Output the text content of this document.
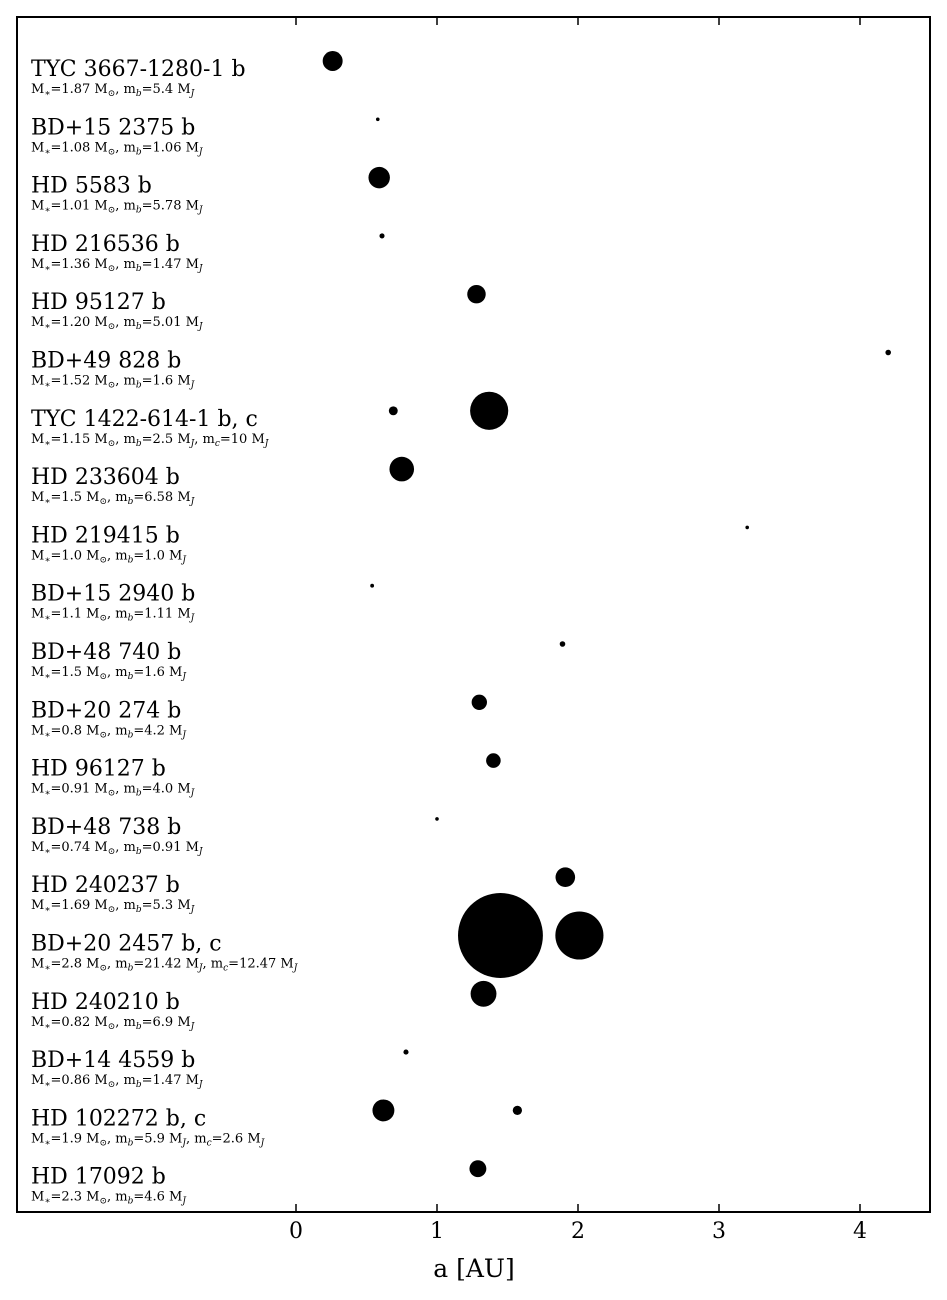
TYC 3667-1280-1 b
$M_∗=1.87$ $M_⊙$, $m_b=5.4$ $M_J$
BD+15 2375 b
$M_∗=1.08$ $M_⊙$, $m_b=1.06$ $M_J$
HD 5583 b
$M_∗=1.01$ $M_⊙$, $m_b=5.78$ $M_J$
HD 216536 b
$M_∗=1.36$ $M_⊙$, $m_b=1.47$ $M_J$
HD 95127 b
$M_∗=1.20$ $M_⊙$, $m_b=5.01$ $M_J$
BD+49 828 b
$M_∗=1.52$ $M_⊙$, $m_b=1.6$ $M_J$
TYC 1422-614-1 b, c
$M_∗=1.15$ $M_⊙$, $m_b=2.5$ $M_J$, $m_c=10$ $M_J$
HD 233604 b
$M_∗=1.5$ $M_⊙$, $m_b=6.58$ $M_J$
HD 219415 b
$M_∗=1.0$ $M_⊙$, $m_b=1.0$ $M_J$
BD+15 2940 b
$M_∗=1.1$ $M_⊙$, $m_b=1.11$ $M_J$
BD+48 740 b
$M_∗=1.5$ $M_⊙$, $m_b=1.6$ $M_J$
BD+20 274 b
$M_∗=0.8$ $M_⊙$, $m_b=4.2$ $M_J$
HD 96127 b
$M_∗=0.91$ $M_⊙$, $m_b=4.0$ $M_J$
BD+48 738 b
$M_∗=0.74$ $M_⊙$, $m_b=0.91$ $M_J$
HD 240237 b
$M_∗=1.69$ $M_⊙$, $m_b=5.3$ $M_J$
BD+20 2457 b, c
$M_∗=2.8$ $M_⊙$, $m_b=21.42$ $M_J$, $m_c=12.47$ $M_J$
HD 240210 b
$M_∗=0.82$ $M_⊙$, $m_b=6.9$ $M_J$
BD+14 4559 b
$M_∗=0.86$ $M_⊙$, $m_b=1.47$ $M_J$
HD 102272 b, c
$M_∗=1.9$ $M_⊙$, $m_b=5.9$ $M_J$, $m_c=2.6$ $M_J$
HD 17092 b
$M_∗=2.3$ $M_⊙$, $m_b=4.6$ $M_J$
0	1	2	3	4
a [AU]
